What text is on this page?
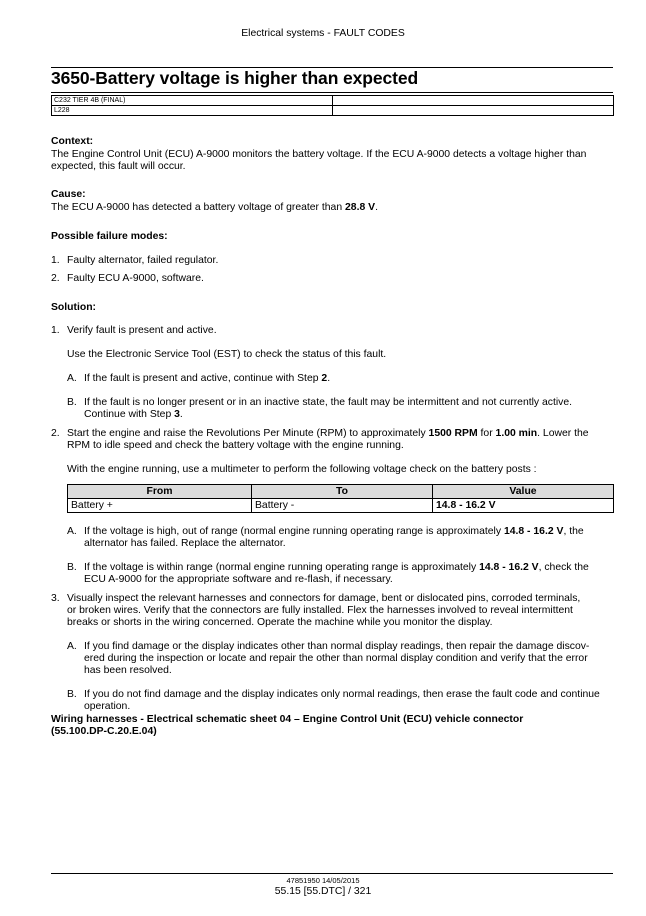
Electrical systems - FAULT CODES
3650-Battery voltage is higher than expected
C232 TIER 4B (FINAL)	
L228	
Context:
The Engine Control Unit (ECU) A-9000 monitors the battery voltage. If the ECU A-9000 detects a voltage higher than
expected, this fault will occur.
Cause:
The ECU A-9000 has detected a battery voltage of greater than 28.8 V.
Possible failure modes:
1. Faulty alternator, failed regulator.
2. Faulty ECU A-9000, software.
Solution:
1. Verify fault is present and active.
Use the Electronic Service Tool (EST) to check the status of this fault.
A. If the fault is present and active, continue with Step 2.
B. If the fault is no longer present or in an inactive state, the fault may be intermittent and not currently active.
Continue with Step 3.
2. Start the engine and raise the Revolutions Per Minute (RPM) to approximately 1500 RPM for 1.00 min. Lower the
RPM to idle speed and check the battery voltage with the engine running.
With the engine running, use a multimeter to perform the following voltage check on the battery posts :
From	To	Value
Battery +	Battery -	14.8 - 16.2 V
A. If the voltage is high, out of range (normal engine running operating range is approximately 14.8 - 16.2 V, the
alternator has failed. Replace the alternator.
B. If the voltage is within range (normal engine running operating range is approximately 14.8 - 16.2 V, check the
ECU A-9000 for the appropriate software and re-flash, if necessary.
3. Visually inspect the relevant harnesses and connectors for damage, bent or dislocated pins, corroded terminals,
or broken wires. Verify that the connectors are fully installed. Flex the harnesses involved to reveal intermittent
breaks or shorts in the wiring concerned. Operate the machine while you monitor the display.
A. If you find damage or the display indicates other than normal display readings, then repair the damage discov-
ered during the inspection or locate and repair the other than normal display condition and verify that the error
has been resolved.
B. If you do not find damage and the display indicates only normal readings, then erase the fault code and continue
operation.
Wiring harnesses - Electrical schematic sheet 04 – Engine Control Unit (ECU) vehicle connector
(55.100.DP-C.20.E.04)
47851950 14/05/2015
55.15 [55.DTC] / 321
